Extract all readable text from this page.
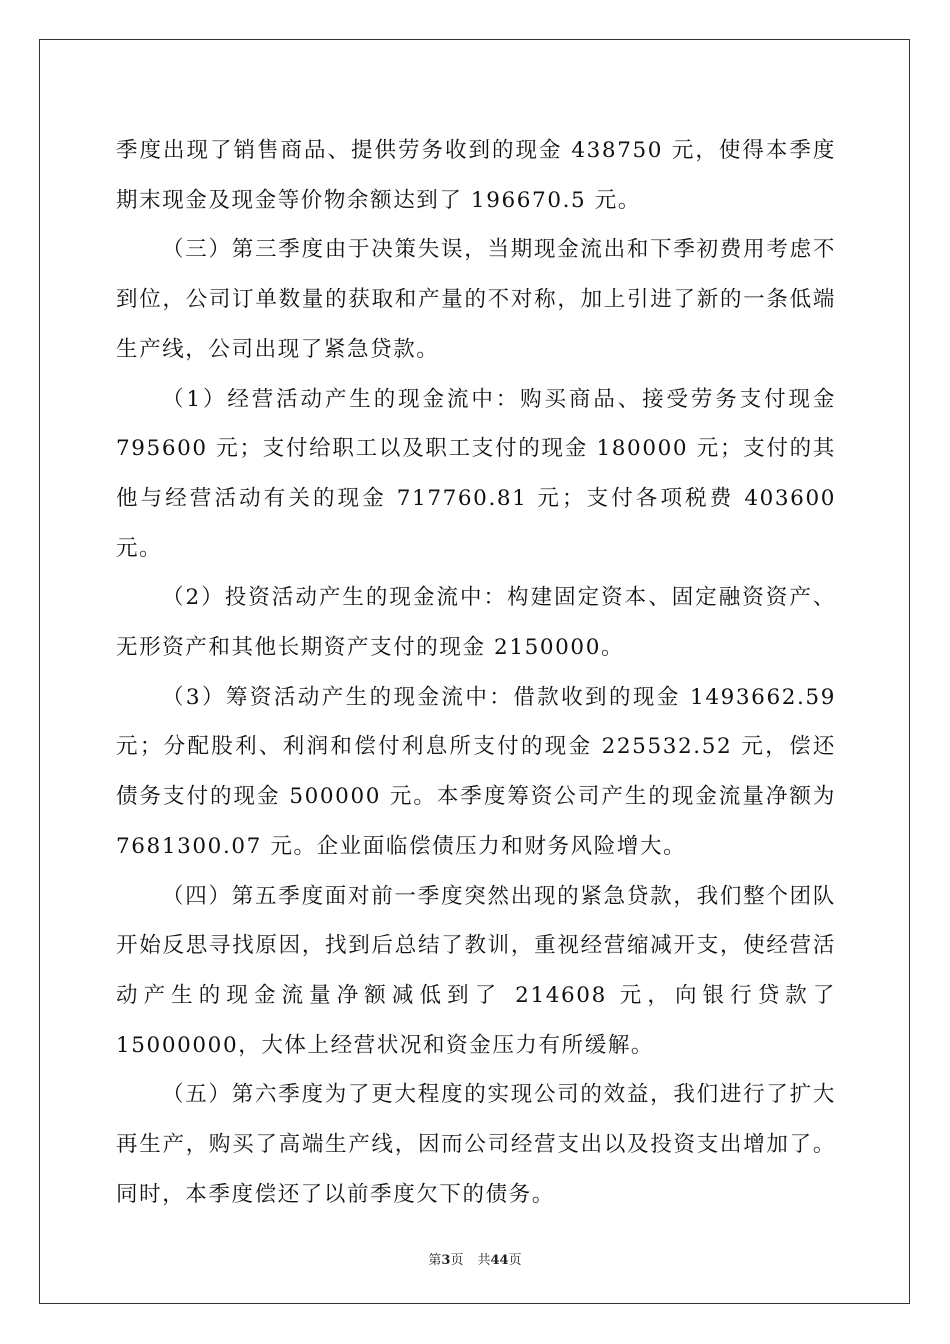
季度出现了销售商品、提供劳务收到的现金 438750 元，使得本季度期末现金及现金等价物余额达到了 196670.5 元。

（三）第三季度由于决策失误，当期现金流出和下季初费用考虑不到位，公司订单数量的获取和产量的不对称，加上引进了新的一条低端生产线，公司出现了紧急贷款。

（1）经营活动产生的现金流中：购买商品、接受劳务支付现金 795600 元；支付给职工以及职工支付的现金 180000 元；支付的其他与经营活动有关的现金 717760.81 元；支付各项税费 403600 元。

（2）投资活动产生的现金流中：构建固定资本、固定融资资产、无形资产和其他长期资产支付的现金 2150000。

（3）筹资活动产生的现金流中：借款收到的现金 1493662.59 元；分配股利、利润和偿付利息所支付的现金 225532.52 元，偿还债务支付的现金 500000 元。本季度筹资公司产生的现金流量净额为 7681300.07 元。企业面临偿债压力和财务风险增大。

（四）第五季度面对前一季度突然出现的紧急贷款，我们整个团队开始反思寻找原因，找到后总结了教训，重视经营缩减开支，使经营活动产生的现金流量净额减低到了 214608 元，向银行贷款了 15000000，大体上经营状况和资金压力有所缓解。

（五）第六季度为了更大程度的实现公司的效益，我们进行了扩大再生产，购买了高端生产线，因而公司经营支出以及投资支出增加了。同时，本季度偿还了以前季度欠下的债务。

第3页 共44页
